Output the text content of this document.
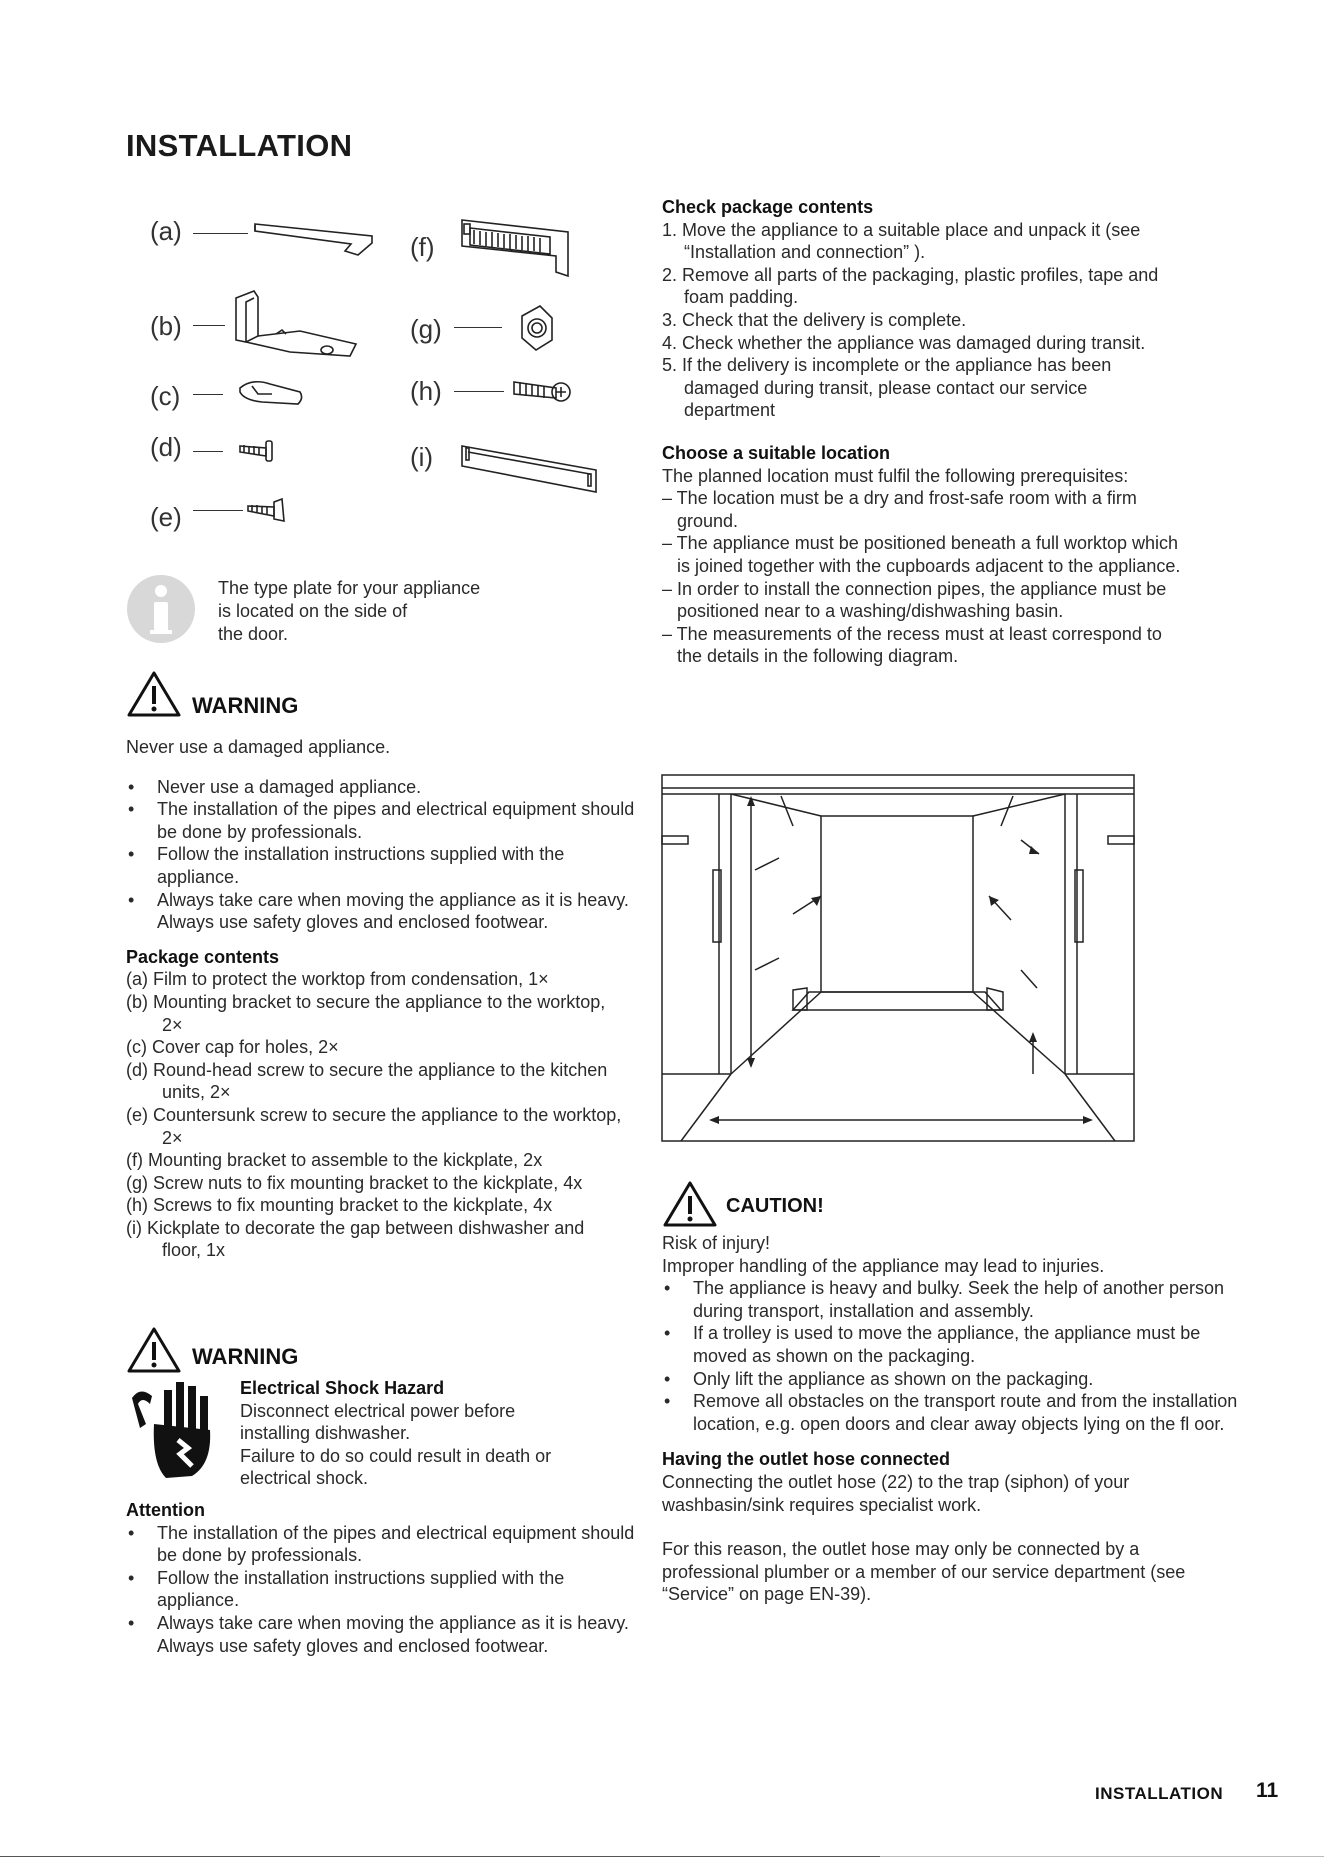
INSTALLATION
(a)
(b)
(c)
(d)
(e)
(f)
(g)
(h)
(i)
The type plate for your appliance
is located on the side of
the door.
WARNING

Never use a damaged appliance.

• Never use a damaged appliance.
• The installation of the pipes and electrical equipment should be done by professionals.
• Follow the installation instructions supplied with the appliance.
• Always take care when moving the appliance as it is heavy. Always use safety gloves and enclosed footwear.

Package contents

(a) Film to protect the worktop from condensation, 1×

(b) Mounting bracket to secure the appliance to the worktop, 2×

(c) Cover cap for holes, 2×

(d) Round-head screw to secure the appliance to the kitchen units, 2×

(e) Countersunk screw to secure the appliance to the worktop, 2×

(f) Mounting bracket to assemble to the kickplate, 2x

(g) Screw nuts to fix mounting bracket to the kickplate, 4x

(h) Screws to fix mounting bracket to the kickplate, 4x

(i) Kickplate to decorate the gap between dishwasher and floor, 1x

WARNING

Electrical Shock Hazard

Disconnect electrical power before

installing dishwasher.

Failure to do so could result in death or

electrical shock.

Attention

• The installation of the pipes and electrical equipment should be done by professionals.
• Follow the installation instructions supplied with the appliance.
• Always take care when moving the appliance as it is heavy. Always use safety gloves and enclosed footwear.

Check package contents

1. Move the appliance to a suitable place and unpack it (see “Installation and connection” ).

2. Remove all parts of the packaging, plastic profiles, tape and foam padding.

3. Check that the delivery is complete.

4. Check whether the appliance was damaged during transit.

5. If the delivery is incomplete or the appliance has been damaged during transit, please contact our service department

Choose a suitable location

The planned location must fulfil the following prerequisites:

– The location must be a dry and frost-safe room with a firm ground.

– The appliance must be positioned beneath a full worktop which is joined together with the cupboards adjacent to the appliance.

– In order to install the connection pipes, the appliance must be positioned near to a washing/dishwashing basin.

– The measurements of the recess must at least correspond to the details in the following diagram.

CAUTION!

Risk of injury!

Improper handling of the appliance may lead to injuries.

• The appliance is heavy and bulky. Seek the help of another person during transport, installation and assembly.
• If a trolley is used to move the appliance, the appliance must be moved as shown on the packaging.
• Only lift the appliance as shown on the packaging.
• Remove all obstacles on the transport route and from the installation location, e.g. open doors and clear away objects lying on the fl oor.

Having the outlet hose connected

Connecting the outlet hose (22) to the trap (siphon) of your washbasin/sink requires specialist work.

For this reason, the outlet hose may only be connected by a professional plumber or a member of our service department (see “Service” on page EN-39).

INSTALLATION 11
